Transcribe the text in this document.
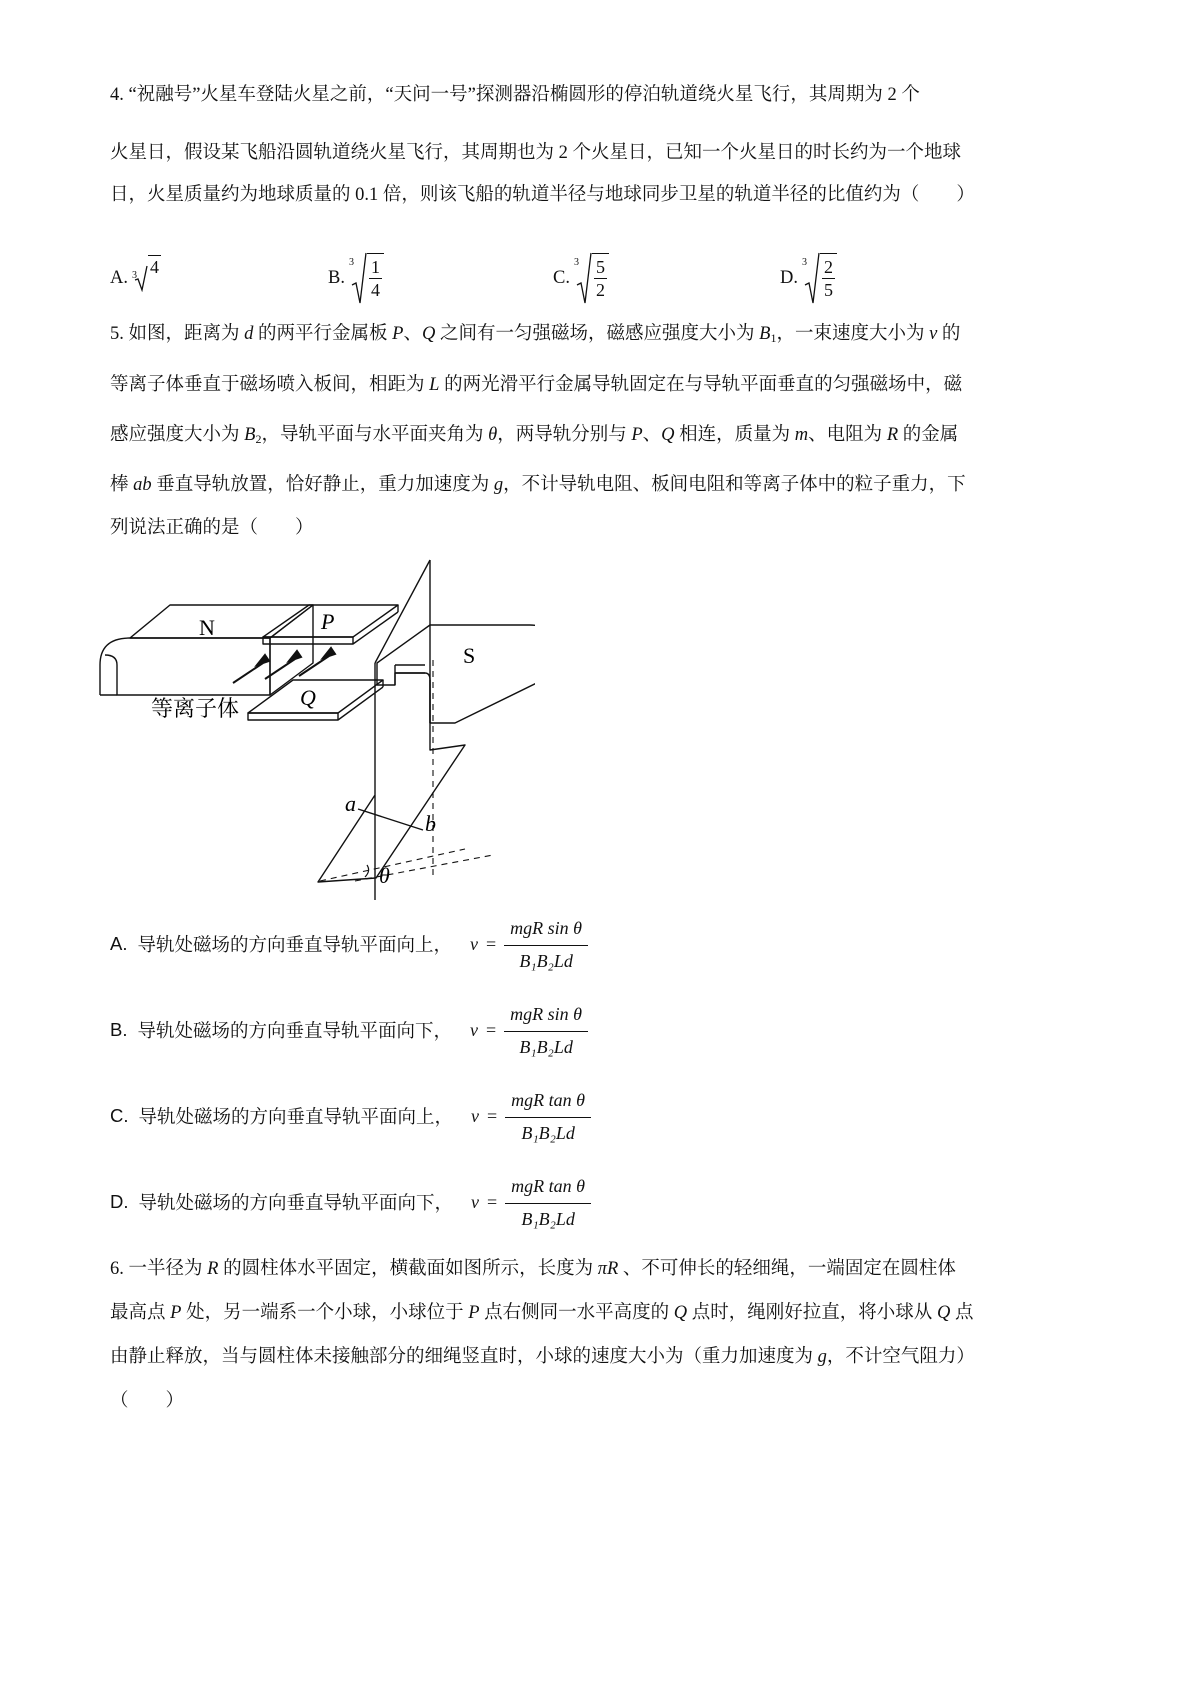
4. “祝融号”火星车登陆火星之前，“天问一号”探测器沿椭圆形的停泊轨道绕火星飞行，其周期为 2 个
火星日，假设某飞船沿圆轨道绕火星飞行，其周期也为 2 个火星日，已知一个火星日的时长约为一个地球
日，火星质量约为地球质量的 0.1 倍，则该飞船的轨道半径与地球同步卫星的轨道半径的比值约为（　　）
A. 3 4
B.
$3 \frac{1}{4}$	C.
$3 \frac{5}{2}$	D.
$3 \frac{2}{5}$
5. 如图，距离为 d 的两平行金属板 P、Q 之间有一匀强磁场，磁感应强度大小为 $B_1$，一束速度大小为 v 的
等离子体垂直于磁场喷入板间，相距为 L 的两光滑平行金属导轨固定在与导轨平面垂直的匀强磁场中，磁
感应强度大小为 $B_2$，导轨平面与水平面夹角为 θ，两导轨分别与 P、Q 相连，质量为 m、电阻为 R 的金属
棒 ab 垂直导轨放置，恰好静止，重力加速度为 g，不计导轨电阻、板间电阻和等离子体中的粒子重力，下
列说法正确的是（　　）
N	P
S
Q
等离子体
a
b
θ
A. 导轨处磁场的方向垂直导轨平面向上， $v = \frac{\text{mgR sin θ}}{\text{B₁B₂Ld}}$
B. 导轨处磁场的方向垂直导轨平面向下， $v = \frac{\text{mgR sin θ}}{\text{B₁B₂Ld}}$
C. 导轨处磁场的方向垂直导轨平面向上， $v = \frac{\text{mgR tan θ}}{\text{B₁B₂Ld}}$
D. 导轨处磁场的方向垂直导轨平面向下， $v = \frac{\text{mgR tan θ}}{\text{B₁B₂Ld}}$
6. 一半径为 R 的圆柱体水平固定，横截面如图所示，长度为 πR 、不可伸长的轻细绳，一端固定在圆柱体
最高点 P 处，另一端系一个小球，小球位于 P 点右侧同一水平高度的 Q 点时，绳刚好拉直，将小球从 Q 点
由静止释放，当与圆柱体未接触部分的细绳竖直时，小球的速度大小为（重力加速度为 g，不计空气阻力）
（　　）
